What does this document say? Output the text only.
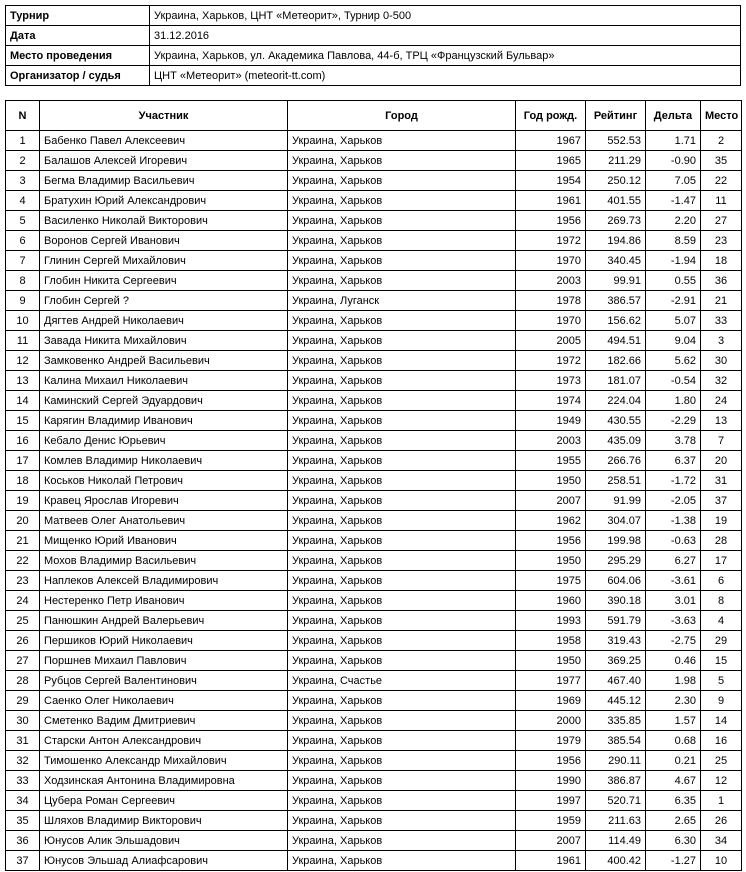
Турнир	Украина, Харьков, ЦНТ «Метеорит», Турнир 0-500
Дата	31.12.2016
Место проведения	Украина, Харьков, ул. Академика Павлова, 44-б, ТРЦ «Французский Бульвар»
Организатор / судья	ЦНТ «Метеорит» (meteorit-tt.com)
N	Участник	Город	Год рожд.	Рейтинг	Дельта	Место
1	Бабенко Павел Алексеевич	Украина, Харьков	1967	552.53	1.71	2
2	Балашов Алексей Игоревич	Украина, Харьков	1965	211.29	-0.90	35
3	Бегма Владимир Васильевич	Украина, Харьков	1954	250.12	7.05	22
4	Братухин Юрий Александрович	Украина, Харьков	1961	401.55	-1.47	11
5	Василенко Николай Викторович	Украина, Харьков	1956	269.73	2.20	27
6	Воронов Сергей Иванович	Украина, Харьков	1972	194.86	8.59	23
7	Глинин Сергей Михайлович	Украина, Харьков	1970	340.45	-1.94	18
8	Глобин Никита Сергеевич	Украина, Харьков	2003	99.91	0.55	36
9	Глобин Сергей ?	Украина, Луганск	1978	386.57	-2.91	21
10	Дягтев Андрей Николаевич	Украина, Харьков	1970	156.62	5.07	33
11	Завада Никита Михайлович	Украина, Харьков	2005	494.51	9.04	3
12	Замковенко Андрей Васильевич	Украина, Харьков	1972	182.66	5.62	30
13	Калина Михаил Николаевич	Украина, Харьков	1973	181.07	-0.54	32
14	Каминский Сергей Эдуардович	Украина, Харьков	1974	224.04	1.80	24
15	Карягин Владимир Иванович	Украина, Харьков	1949	430.55	-2.29	13
16	Кебало Денис Юрьевич	Украина, Харьков	2003	435.09	3.78	7
17	Комлев Владимир Николаевич	Украина, Харьков	1955	266.76	6.37	20
18	Коськов Николай Петрович	Украина, Харьков	1950	258.51	-1.72	31
19	Кравец Ярослав Игоревич	Украина, Харьков	2007	91.99	-2.05	37
20	Матвеев Олег Анатольевич	Украина, Харьков	1962	304.07	-1.38	19
21	Мищенко Юрий Иванович	Украина, Харьков	1956	199.98	-0.63	28
22	Мохов Владимир Васильевич	Украина, Харьков	1950	295.29	6.27	17
23	Наплеков Алексей Владимирович	Украина, Харьков	1975	604.06	-3.61	6
24	Нестеренко Петр Иванович	Украина, Харьков	1960	390.18	3.01	8
25	Панюшкин Андрей Валерьевич	Украина, Харьков	1993	591.79	-3.63	4
26	Першиков Юрий Николаевич	Украина, Харьков	1958	319.43	-2.75	29
27	Поршнев Михаил Павлович	Украина, Харьков	1950	369.25	0.46	15
28	Рубцов Сергей Валентинович	Украина, Счастье	1977	467.40	1.98	5
29	Саенко Олег Николаевич	Украина, Харьков	1969	445.12	2.30	9
30	Сметенко Вадим Дмитриевич	Украина, Харьков	2000	335.85	1.57	14
31	Старски Антон Александрович	Украина, Харьков	1979	385.54	0.68	16
32	Тимошенко Александр Михайлович	Украина, Харьков	1956	290.11	0.21	25
33	Ходзинская Антонина Владимировна	Украина, Харьков	1990	386.87	4.67	12
34	Цубера Роман Сергеевич	Украина, Харьков	1997	520.71	6.35	1
35	Шляхов Владимир Викторович	Украина, Харьков	1959	211.63	2.65	26
36	Юнусов Алик Эльшадович	Украина, Харьков	2007	114.49	6.30	34
37	Юнусов Эльшад Алиафсарович	Украина, Харьков	1961	400.42	-1.27	10
